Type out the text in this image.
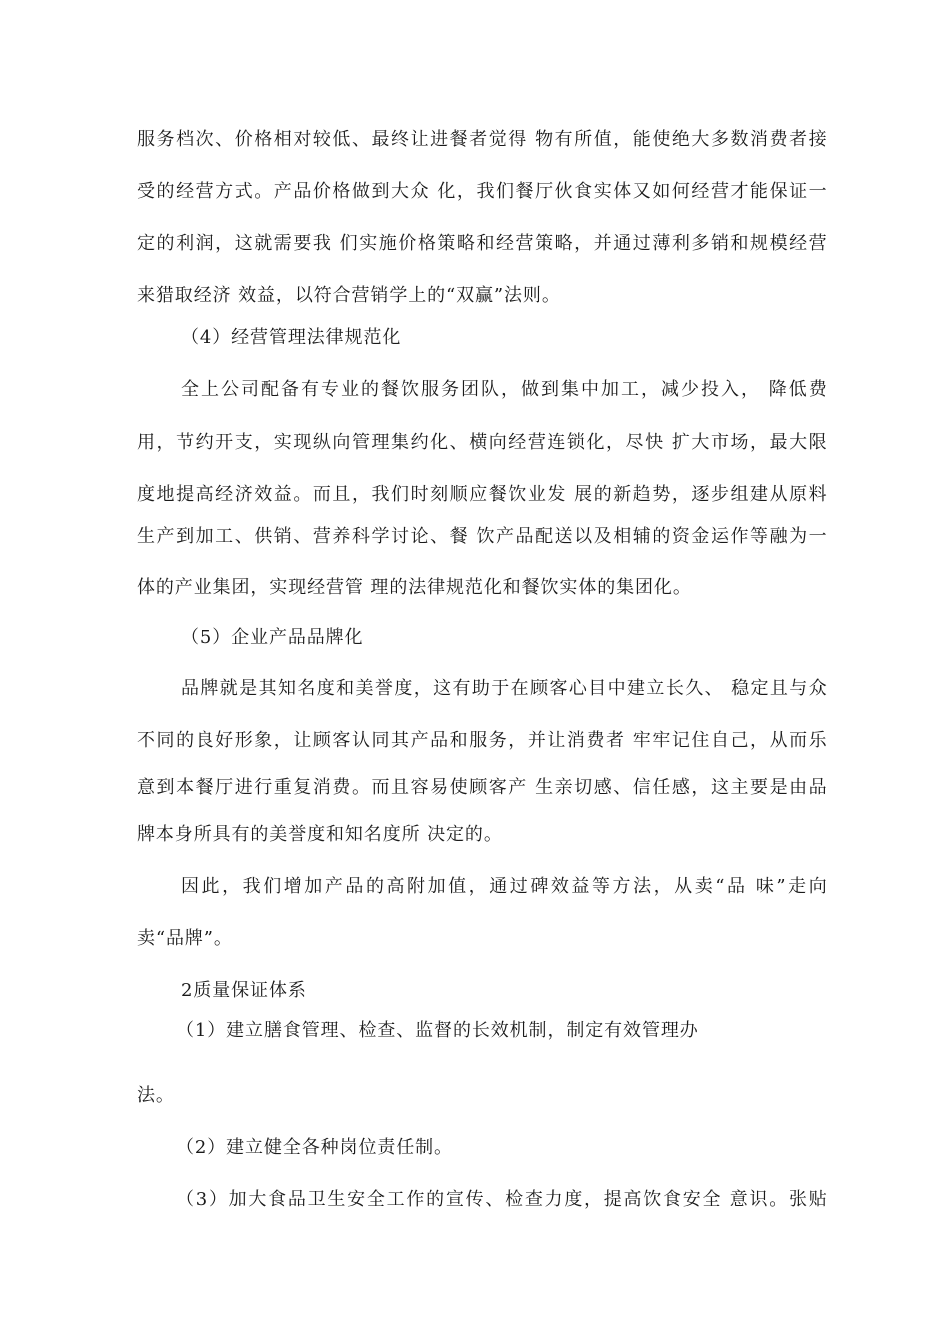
服务档次、价格相对较低、最终让进餐者觉得 物有所值，能使绝大多数消费者接
受的经营方式。产品价格做到大众 化，我们餐厅伙食实体又如何经营才能保证一
定的利润，这就需要我 们实施价格策略和经营策略，并通过薄利多销和规模经营
来猎取经济 效益，以符合营销学上的“双赢”法则。
（4）经营管理法律规范化
全上公司配备有专业的餐饮服务团队，做到集中加工，减少投入， 降低费
用，节约开支，实现纵向管理集约化、横向经营连锁化，尽快 扩大市场，最大限
度地提高经济效益。而且，我们时刻顺应餐饮业发 展的新趋势，逐步组建从原料
生产到加工、供销、营养科学讨论、餐 饮产品配送以及相辅的资金运作等融为一
体的产业集团，实现经营管 理的法律规范化和餐饮实体的集团化。
（5）企业产品品牌化
品牌就是其知名度和美誉度，这有助于在顾客心目中建立长久、 稳定且与众
不同的良好形象，让顾客认同其产品和服务，并让消费者 牢牢记住自己，从而乐
意到本餐厅进行重复消费。而且容易使顾客产 生亲切感、信任感，这主要是由品
牌本身所具有的美誉度和知名度所 决定的。
因此，我们增加产品的高附加值，通过碑效益等方法，从卖“品 味”走向
卖“品牌”。
2质量保证体系
（1）建立膳食管理、检查、监督的长效机制，制定有效管理办
法。
（2）建立健全各种岗位责任制。
（3）加大食品卫生安全工作的宣传、检查力度，提高饮食安全 意识。张贴
